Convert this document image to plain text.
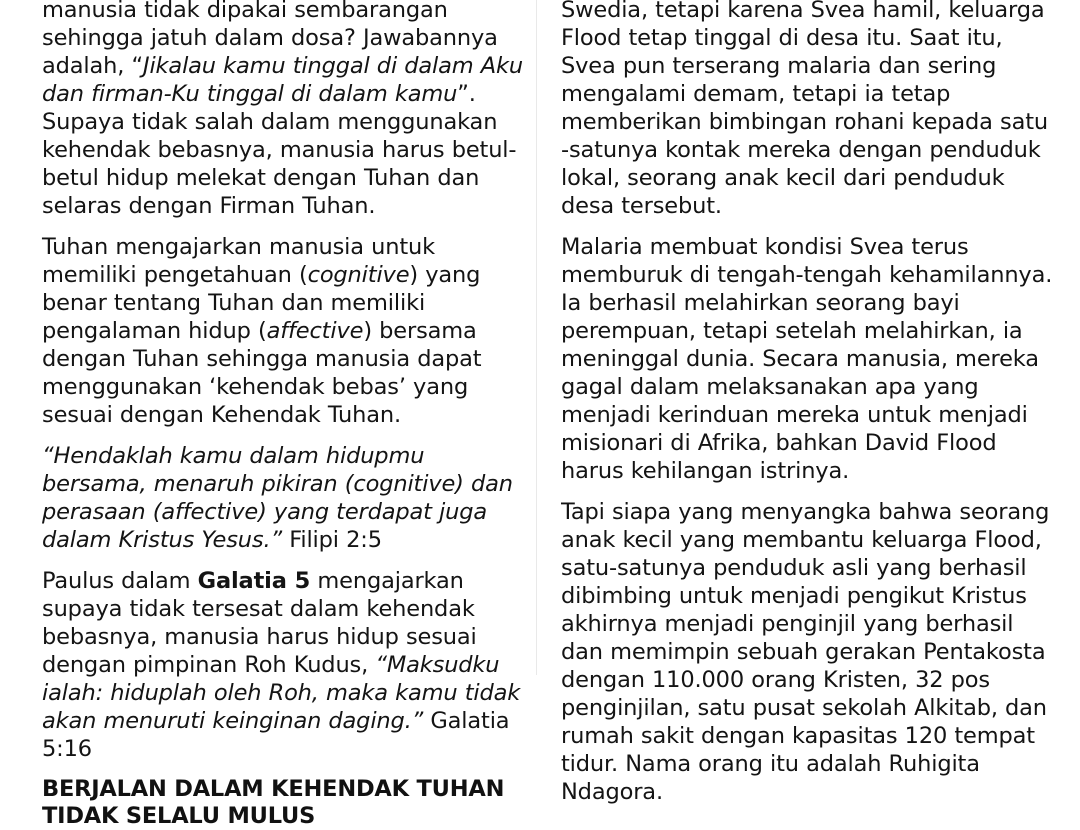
manusia tidak dipakai sembarangan sehingga jatuh dalam dosa? Jawabannya adalah, “Jikalau kamu tinggal di dalam Aku dan firman-Ku tinggal di dalam kamu”. Supaya tidak salah dalam menggunakan kehendak bebasnya, manusia harus betul-betul hidup melekat dengan Tuhan dan selaras dengan Firman Tuhan.

Tuhan mengajarkan manusia untuk memiliki pengetahuan (cognitive) yang benar tentang Tuhan dan memiliki pengalaman hidup (affective) bersama dengan Tuhan sehingga manusia dapat menggunakan ‘kehendak bebas’ yang sesuai dengan Kehendak Tuhan.

“Hendaklah kamu dalam hidupmu bersama, menaruh pikiran (cognitive) dan perasaan (affective) yang terdapat juga dalam Kristus Yesus.” Filipi 2:5

Paulus dalam Galatia 5 mengajarkan supaya tidak tersesat dalam kehendak bebasnya, manusia harus hidup sesuai dengan pimpinan Roh Kudus, “Maksudku ialah: hiduplah oleh Roh, maka kamu tidak akan menuruti keinginan daging.” Galatia 5:16

BERJALAN DALAM KEHENDAK TUHAN TIDAK SELALU MULUS

Swedia, tetapi karena Svea hamil, keluarga Flood tetap tinggal di desa itu. Saat itu, Svea pun terserang malaria dan sering mengalami demam, tetapi ia tetap memberikan bimbingan rohani kepada satu -satunya kontak mereka dengan penduduk lokal, seorang anak kecil dari penduduk desa tersebut.

Malaria membuat kondisi Svea terus memburuk di tengah-tengah kehamilannya. Ia berhasil melahirkan seorang bayi perempuan, tetapi setelah melahirkan, ia meninggal dunia. Secara manusia, mereka gagal dalam melaksanakan apa yang menjadi kerinduan mereka untuk menjadi misionari di Afrika, bahkan David Flood harus kehilangan istrinya.

Tapi siapa yang menyangka bahwa seorang anak kecil yang membantu keluarga Flood, satu-satunya penduduk asli yang berhasil dibimbing untuk menjadi pengikut Kristus akhirnya menjadi penginjil yang berhasil dan memimpin sebuah gerakan Pentakosta dengan 110.000 orang Kristen, 32 pos penginjilan, satu pusat sekolah Alkitab, dan rumah sakit dengan kapasitas 120 tempat tidur. Nama orang itu adalah Ruhigita Ndagora.
